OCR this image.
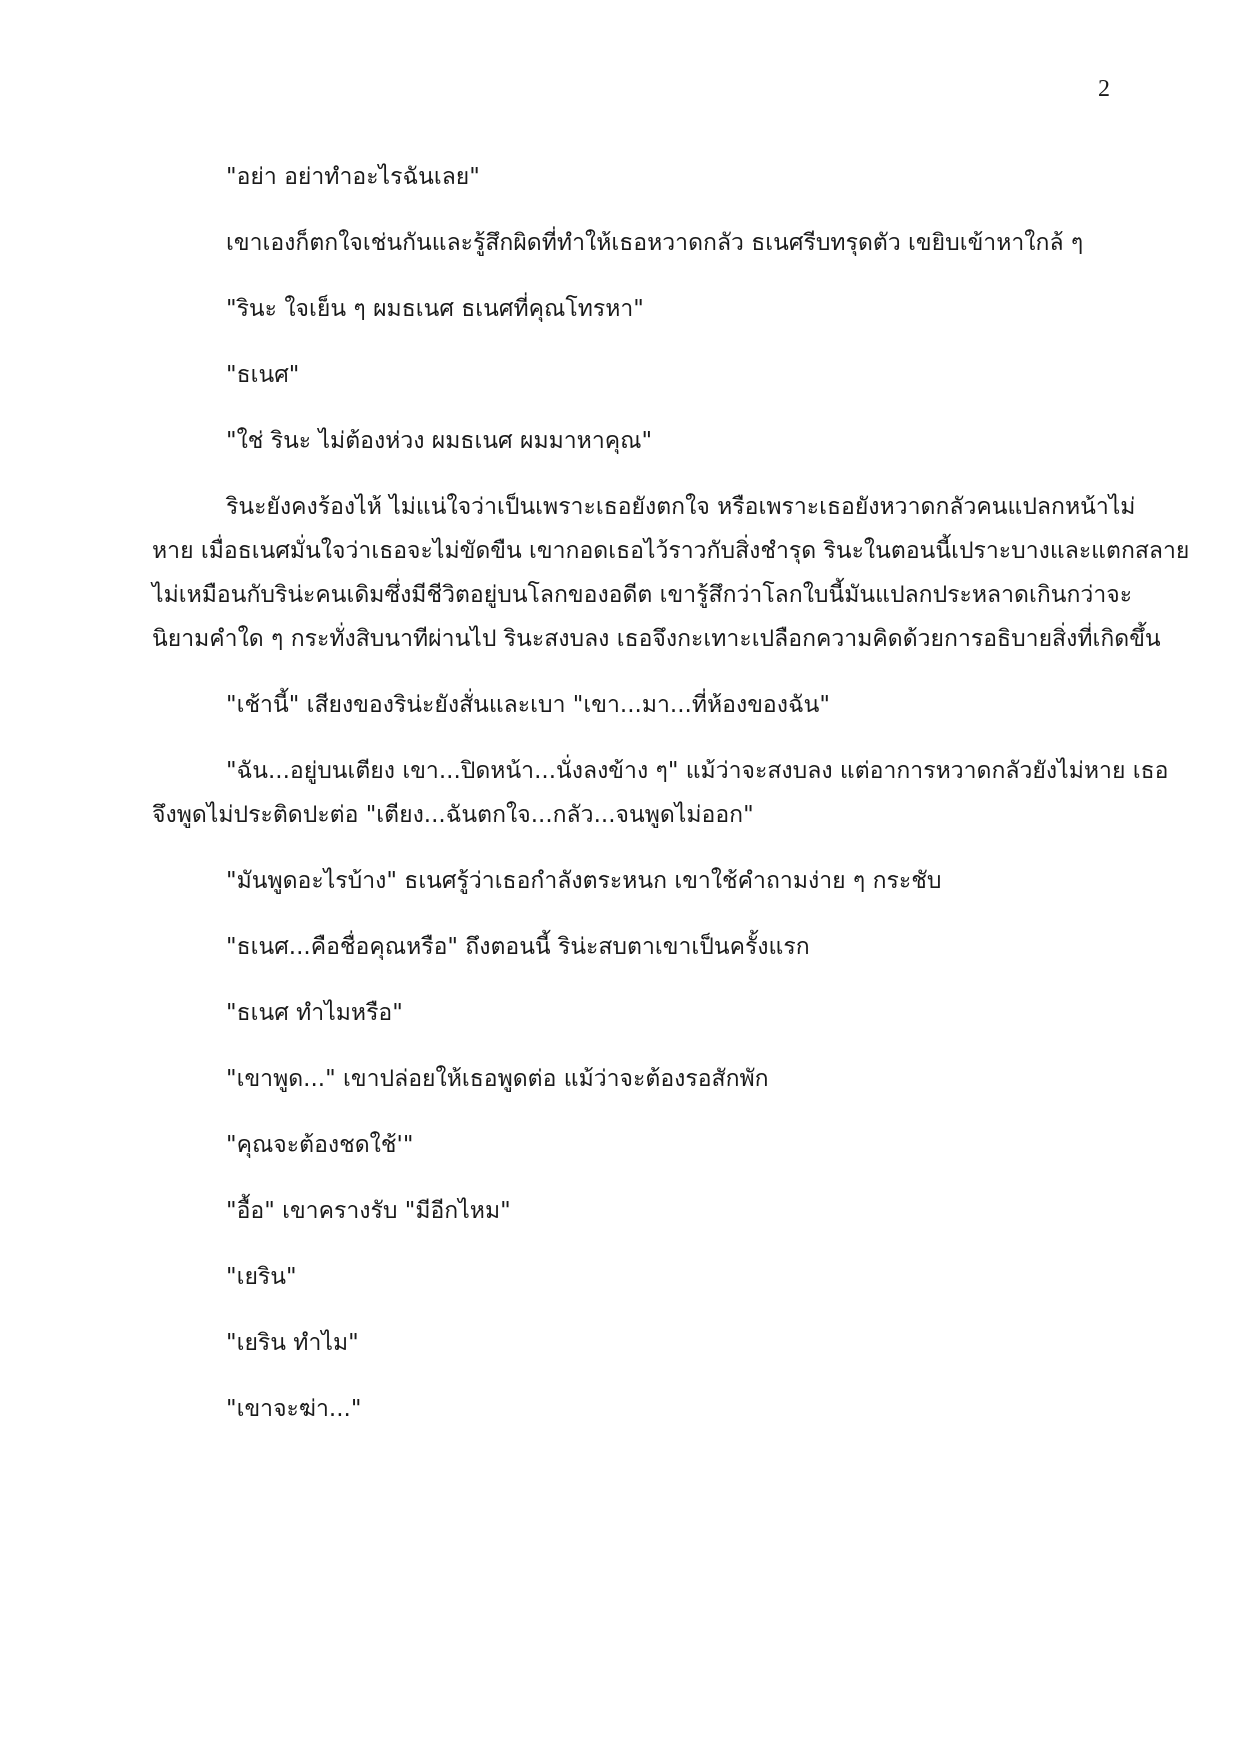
2

"อย่า อย่าทำอะไรฉันเลย"

เขาเองก็ตกใจเช่นกันและรู้สึกผิดที่ทำให้เธอหวาดกลัว ธเนศรีบทรุดตัว เขยิบเข้าหาใกล้ ๆ

"รินะ ใจเย็น ๆ ผมธเนศ ธเนศที่คุณโทรหา"

"ธเนศ"

"ใช่ รินะ ไม่ต้องห่วง ผมธเนศ ผมมาหาคุณ"

รินะยังคงร้องไห้ ไม่แน่ใจว่าเป็นเพราะเธอยังตกใจ หรือเพราะเธอยังหวาดกลัวคนแปลกหน้าไม่
หาย เมื่อธเนศมั่นใจว่าเธอจะไม่ขัดขืน เขากอดเธอไว้ราวกับสิ่งชำรุด รินะในตอนนี้เปราะบางและแตกสลาย
ไม่เหมือนกับริน่ะคนเดิมซึ่งมีชีวิตอยู่บนโลกของอดีต เขารู้สึกว่าโลกใบนี้มันแปลกประหลาดเกินกว่าจะ
นิยามคำใด ๆ กระทั่งสิบนาทีผ่านไป รินะสงบลง เธอจึงกะเทาะเปลือกความคิดด้วยการอธิบายสิ่งที่เกิดขึ้น

"เช้านี้" เสียงของริน่ะยังสั่นและเบา "เขา...มา...ที่ห้องของฉัน"

"ฉัน...อยู่บนเตียง เขา...ปิดหน้า...นั่งลงข้าง ๆ" แม้ว่าจะสงบลง แต่อาการหวาดกลัวยังไม่หาย เธอ
จึงพูดไม่ประติดปะต่อ "เตียง...ฉันตกใจ...กลัว...จนพูดไม่ออก"

"มันพูดอะไรบ้าง" ธเนศรู้ว่าเธอกำลังตระหนก เขาใช้คำถามง่าย ๆ กระชับ

"ธเนศ...คือชื่อคุณหรือ" ถึงตอนนี้ ริน่ะสบตาเขาเป็นครั้งแรก

"ธเนศ ทำไมหรือ"

"เขาพูด..." เขาปล่อยให้เธอพูดต่อ แม้ว่าจะต้องรอสักพัก

"คุณจะต้องชดใช้'"

"อื้อ" เขาครางรับ "มีอีกไหม"

"เยริน"

"เยริน ทำไม"

"เขาจะฆ่า..."
